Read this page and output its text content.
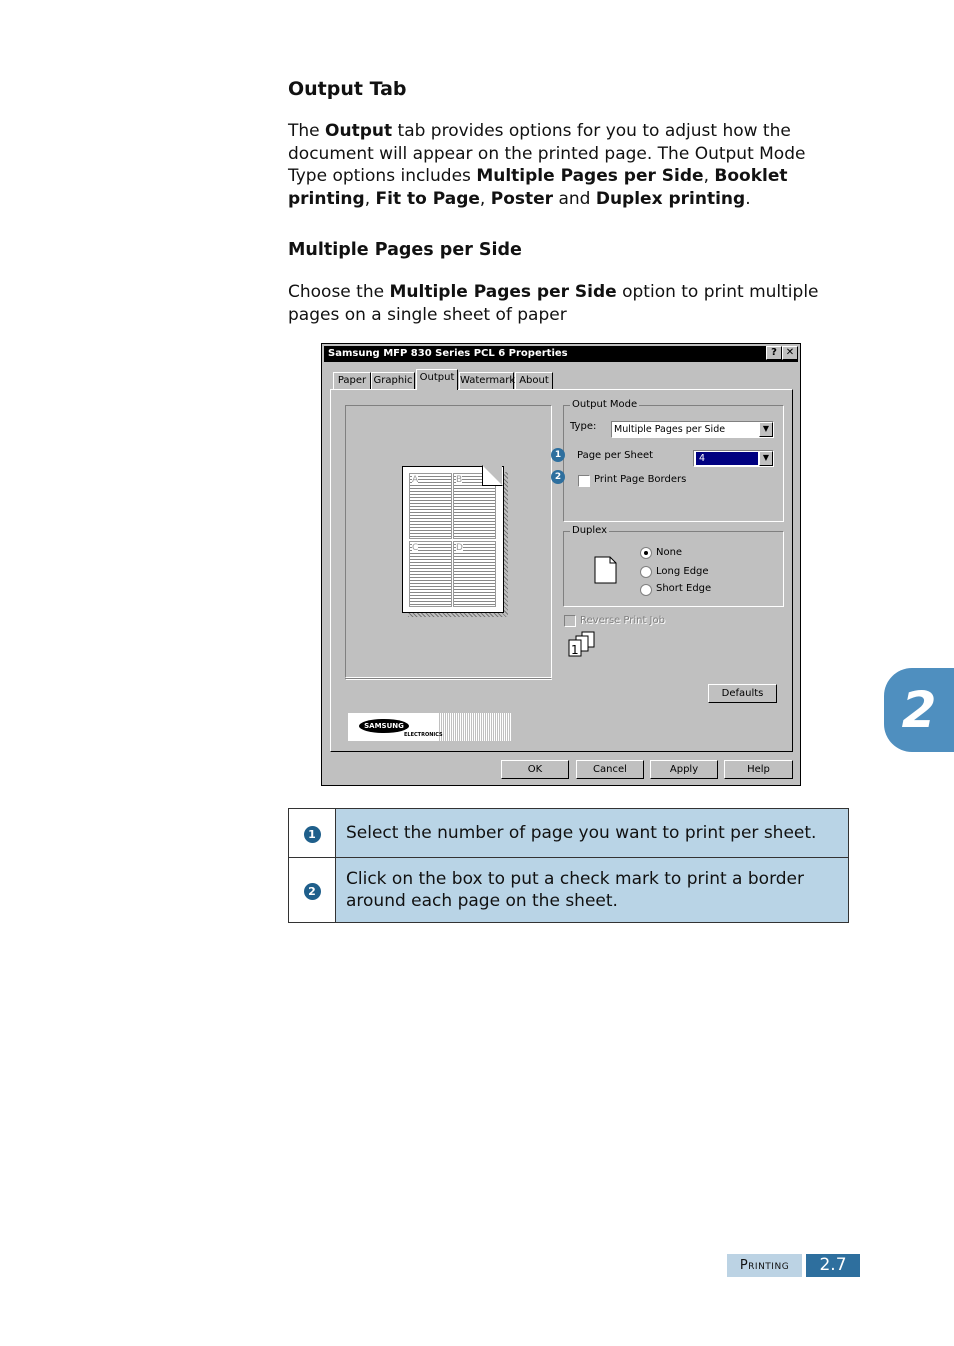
Output Tab

The Output tab provides options for you to adjust how the document will appear on the printed page. The Output Mode Type options includes Multiple Pages per Side, Booklet printing, Fit to Page, Poster and Duplex printing.

Multiple Pages per Side

Choose the Multiple Pages per Side option to print multiple pages on a single sheet of paper

Samsung MFP 830 Series PCL 6 Properties	? ✕
Paper Graphic Output Watermark About
A	B
C	D
Output Mode
Type:	Multiple Pages per Side	▼
Page per Sheet	4	▼
Print Page Borders
Duplex
None
Long Edge
Short Edge
Reverse Print Job
1
Defaults
SAMSUNG
ELECTRONICS
OK	Cancel	Apply	Help
1
2
1	Select the number of page you want to print per sheet.
2	Click on the box to put a check mark to print a border around each page on the sheet.
2
Printing	2.7
